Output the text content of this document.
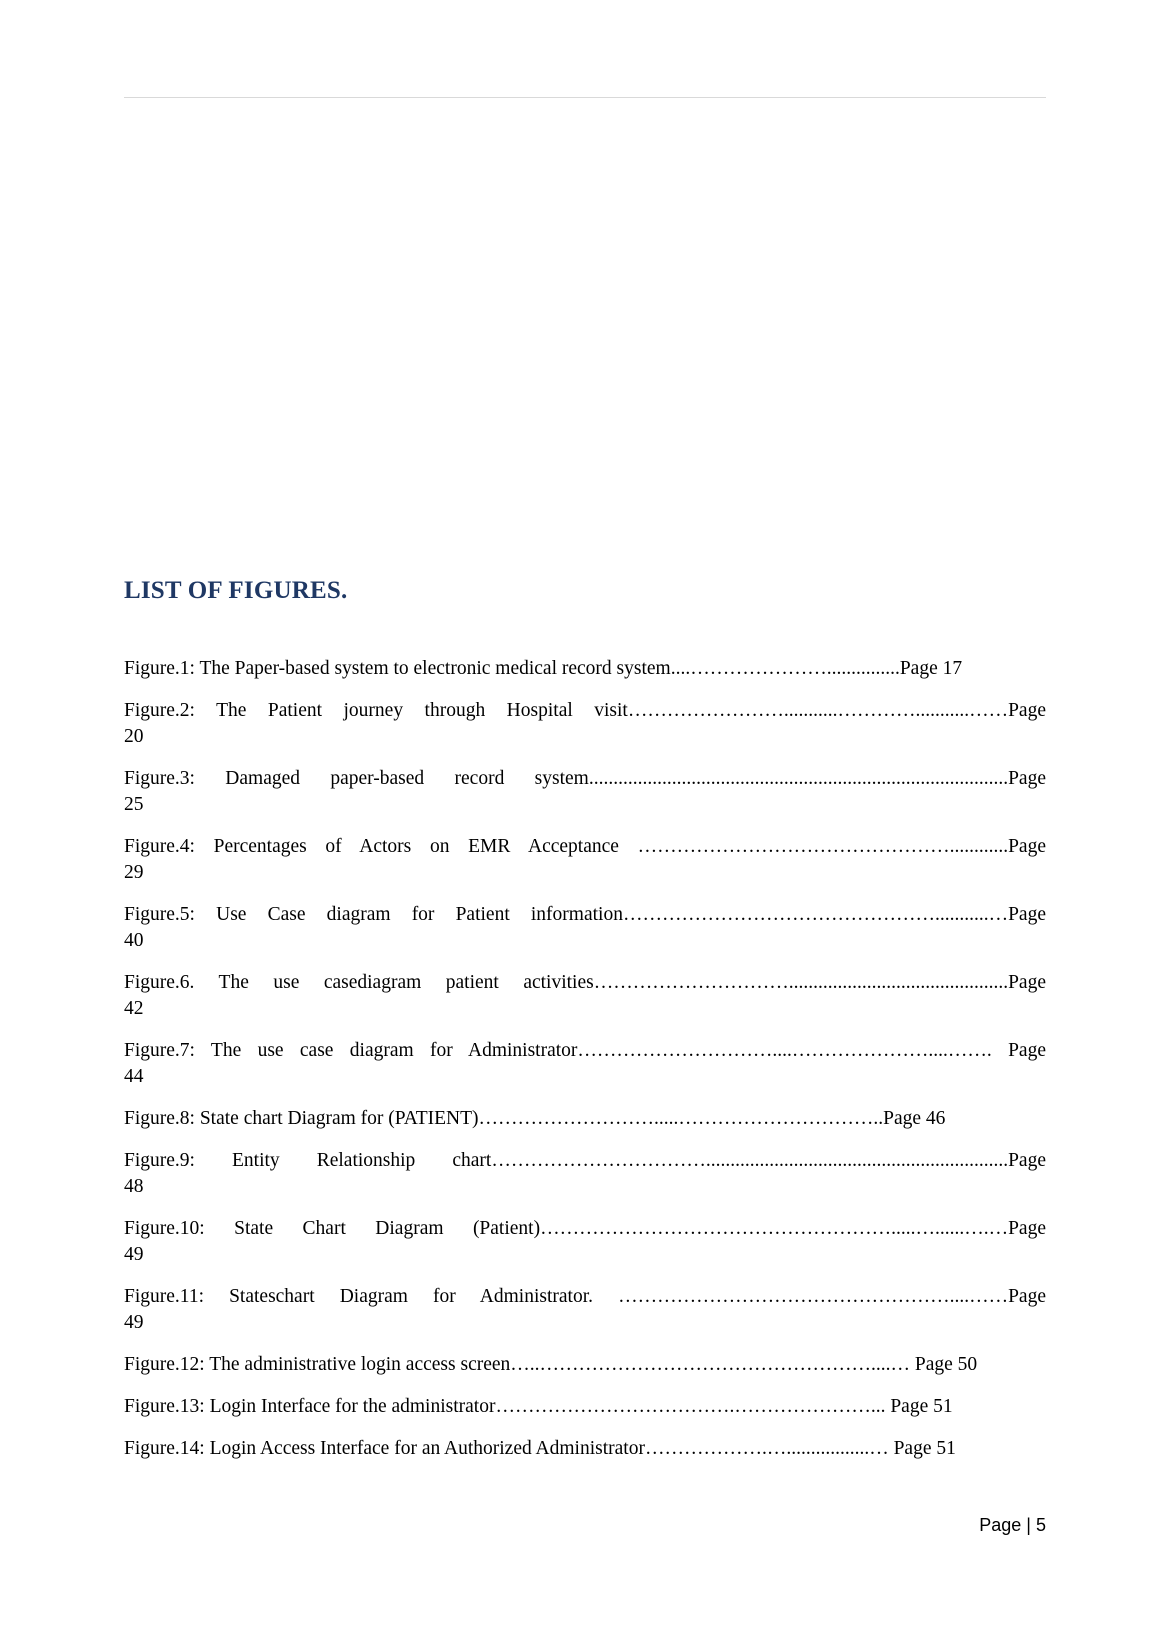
LIST OF FIGURES.
Figure.1: The Paper-based system to electronic medical record system....…………………...............Page 17
Figure.2: The Patient journey through Hospital visit……………………...........…………...........……Page
20
Figure.3: Damaged paper-based record system......................................................................................Page
25
Figure.4: Percentages of Actors on EMR Acceptance …………………………………………............Page
29
Figure.5: Use Case diagram for Patient information…………………………………………...........…Page
40
Figure.6. The use casediagram patient activities………………………….............................................Page
42
Figure.7: The use case diagram for Administrator…………………………....…………………....……. Page
44
Figure.8: State chart Diagram for (PATIENT)……………………….....…………………………..Page 46
Figure.9: Entity Relationship chart……………………………..............................................................Page
48
Figure.10: State Chart Diagram (Patient)……………………………………………….....…......….…Page
49
Figure.11: Stateschart Diagram for Administrator. ……………………………………………....……Page
49
Figure.12: The administrative login access screen…..……………………………………………....… Page 50
Figure.13: Login Interface for the administrator……………………………….…………………... Page 51
Figure.14: Login Access Interface for an Authorized Administrator……………….….................… Page 51
Page | 5
